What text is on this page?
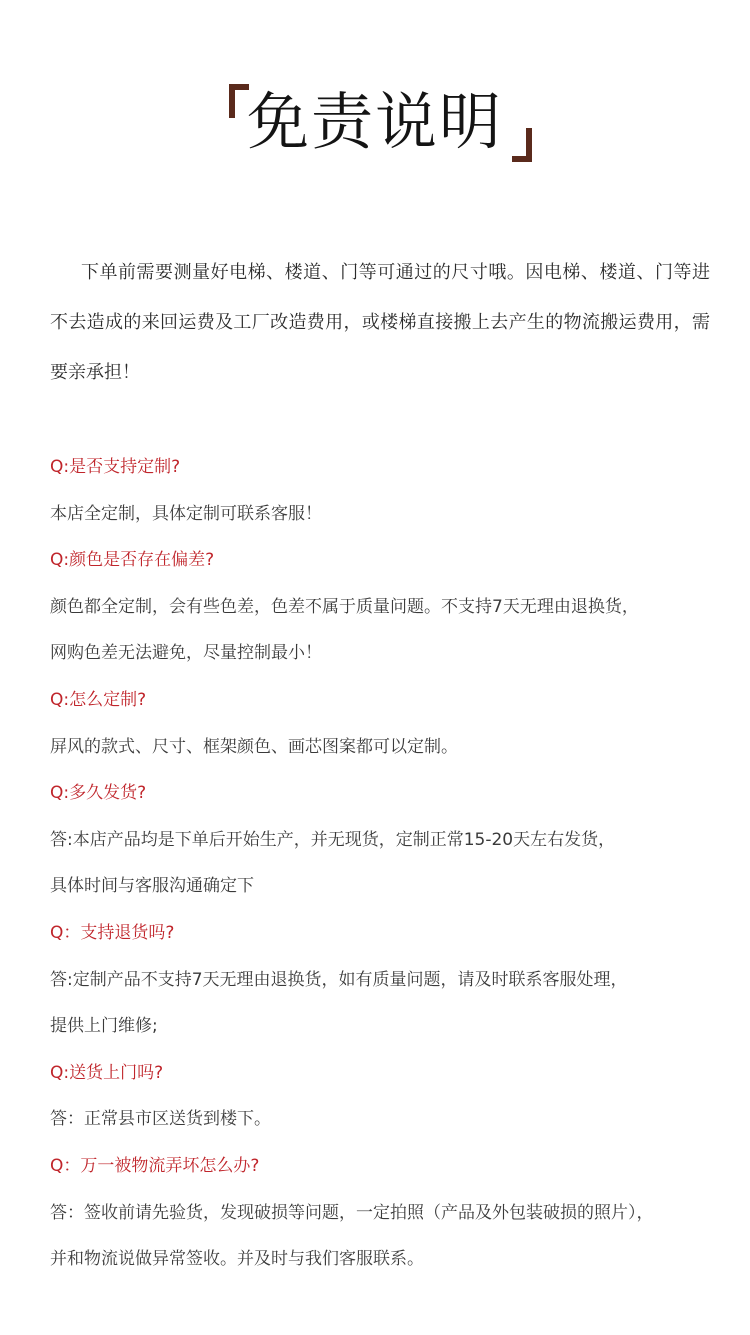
免责说明
下单前需要测量好电梯、楼道、门等可通过的尺寸哦。因电梯、楼道、门等进不去造成的来回运费及工厂改造费用，或楼梯直接搬上去产生的物流搬运费用，需要亲承担！
Q:是否支持定制?
本店全定制，具体定制可联系客服！
Q:颜色是否存在偏差?
颜色都全定制，会有些色差，色差不属于质量问题。不支持7天无理由退换货，
网购色差无法避免，尽量控制最小！
Q:怎么定制?
屏风的款式、尺寸、框架颜色、画芯图案都可以定制。
Q:多久发货?
答:本店产品均是下单后开始生产，并无现货，定制正常15-20天左右发货，
具体时间与客服沟通确定下
Q：支持退货吗?
答:定制产品不支持7天无理由退换货，如有质量问题，请及时联系客服处理，
提供上门维修;
Q:送货上门吗?
答：正常县市区送货到楼下。
Q：万一被物流弄坏怎么办?
答：签收前请先验货，发现破损等问题，一定拍照（产品及外包装破损的照片），
并和物流说做异常签收。并及时与我们客服联系。
